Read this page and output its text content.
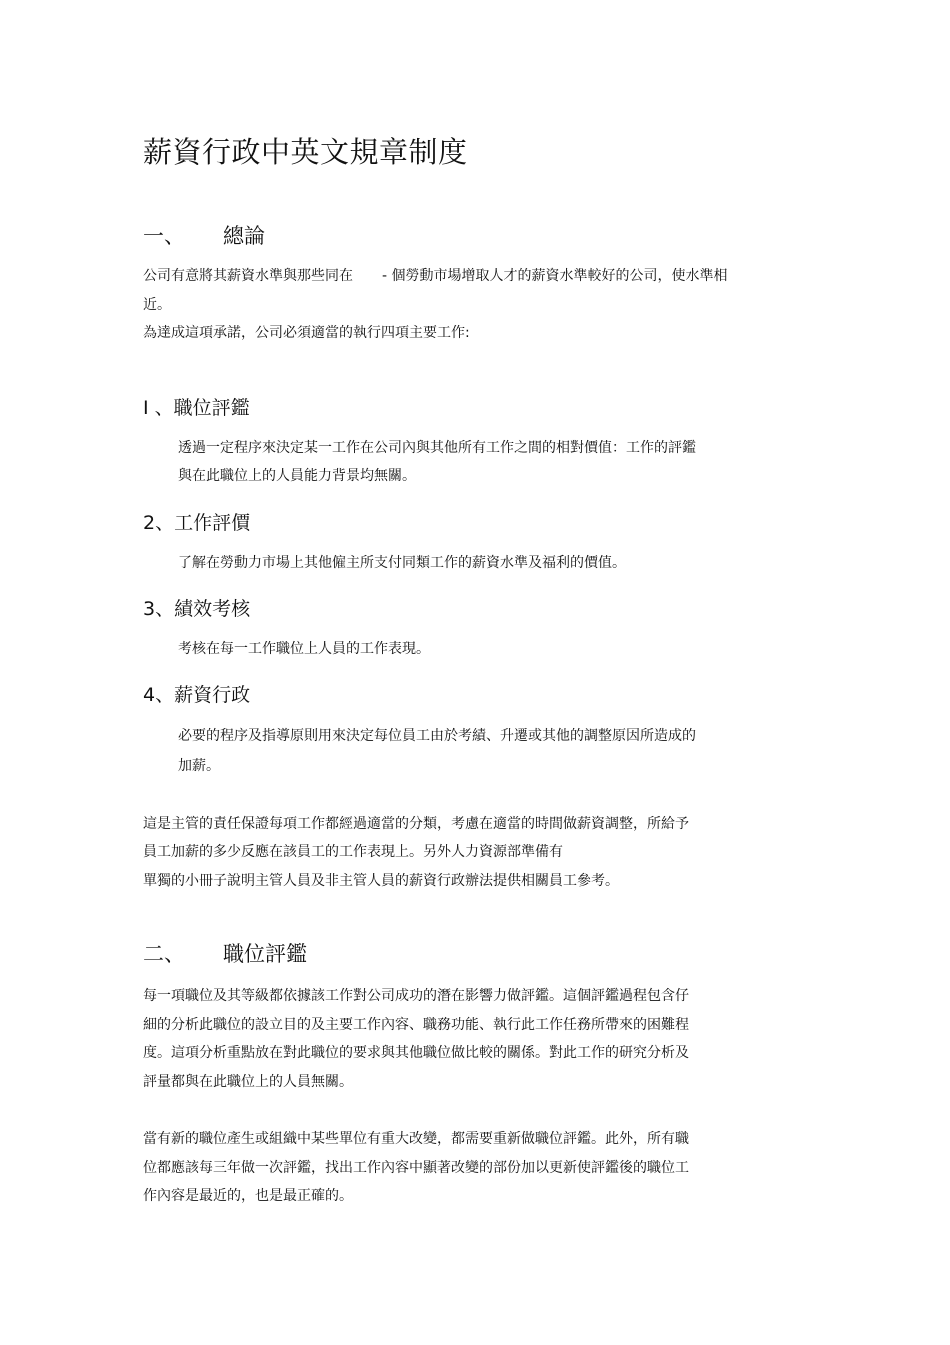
薪資行政中英文規章制度
一、 總論
公司有意將其薪資水準與那些同在 - 個勞動市場增取人才的薪資水準較好的公司，使水準相
近。
為達成這項承諾，公司必須適當的執行四項主要工作:
I 、職位評鑑
透過一定程序來決定某一工作在公司內與其他所有工作之間的相對價值：工作的評鑑
與在此職位上的人員能力背景均無關。
2、工作評價
了解在勞動力市場上其他僱主所支付同類工作的薪資水準及福利的價值。
3、績效考核
考核在每一工作職位上人員的工作表現。
4、薪資行政
必要的程序及指導原則用來決定每位員工由於考績、升遷或其他的調整原因所造成的
加薪。
這是主管的責任保證每項工作都經過適當的分類，考慮在適當的時間做薪資調整，所給予
員工加薪的多少反應在該員工的工作表現上。另外人力資源部準備有
單獨的小冊子說明主管人員及非主管人員的薪資行政辦法提供相關員工參考。
二、 職位評鑑
每一項職位及其等級都依據該工作對公司成功的潛在影響力做評鑑。這個評鑑過程包含仔
細的分析此職位的設立目的及主要工作內容、職務功能、執行此工作任務所帶來的困難程
度。這項分析重點放在對此職位的要求與其他職位做比較的關係。對此工作的研究分析及
評量都與在此職位上的人員無關。
當有新的職位產生或組織中某些單位有重大改變，都需要重新做職位評鑑。此外，所有職
位都應該每三年做一次評鑑，找出工作內容中顯著改變的部份加以更新使評鑑後的職位工
作內容是最近的，也是最正確的。
